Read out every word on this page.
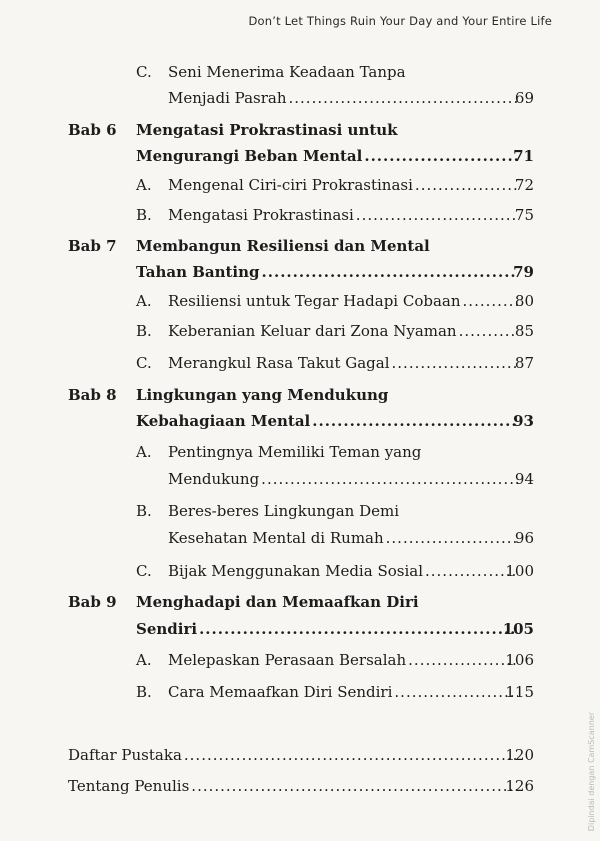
Don’t Let Things Ruin Your Day and Your Entire Life
C. Seni Menerima Keadaan Tanpa
Menjadi Pasrah .....	69
Bab 6 Mengatasi Prokrastinasi untuk
Mengurangi Beban Mental .....	71
A. Mengenal Ciri-ciri Prokrastinasi .....	72
B. Mengatasi Prokrastinasi .....	75
Bab 7 Membangun Resiliensi dan Mental
Tahan Banting .....	79
A. Resiliensi untuk Tegar Hadapi Cobaan .....	80
B. Keberanian Keluar dari Zona Nyaman .....	85
C. Merangkul Rasa Takut Gagal .....	87
Bab 8 Lingkungan yang Mendukung
Kebahagiaan Mental .....	93
A. Pentingnya Memiliki Teman yang
Mendukung .....	94
B. Beres-beres Lingkungan Demi
Kesehatan Mental di Rumah .....	96
C. Bijak Menggunakan Media Sosial .....	100
Bab 9 Menghadapi dan Memaafkan Diri
Sendiri .....	105
A. Melepaskan Perasaan Bersalah .....	106
B. Cara Memaafkan Diri Sendiri .....	115
Daftar Pustaka .....	120
Tentang Penulis .....	126	Dipindai dengan CamScanner
